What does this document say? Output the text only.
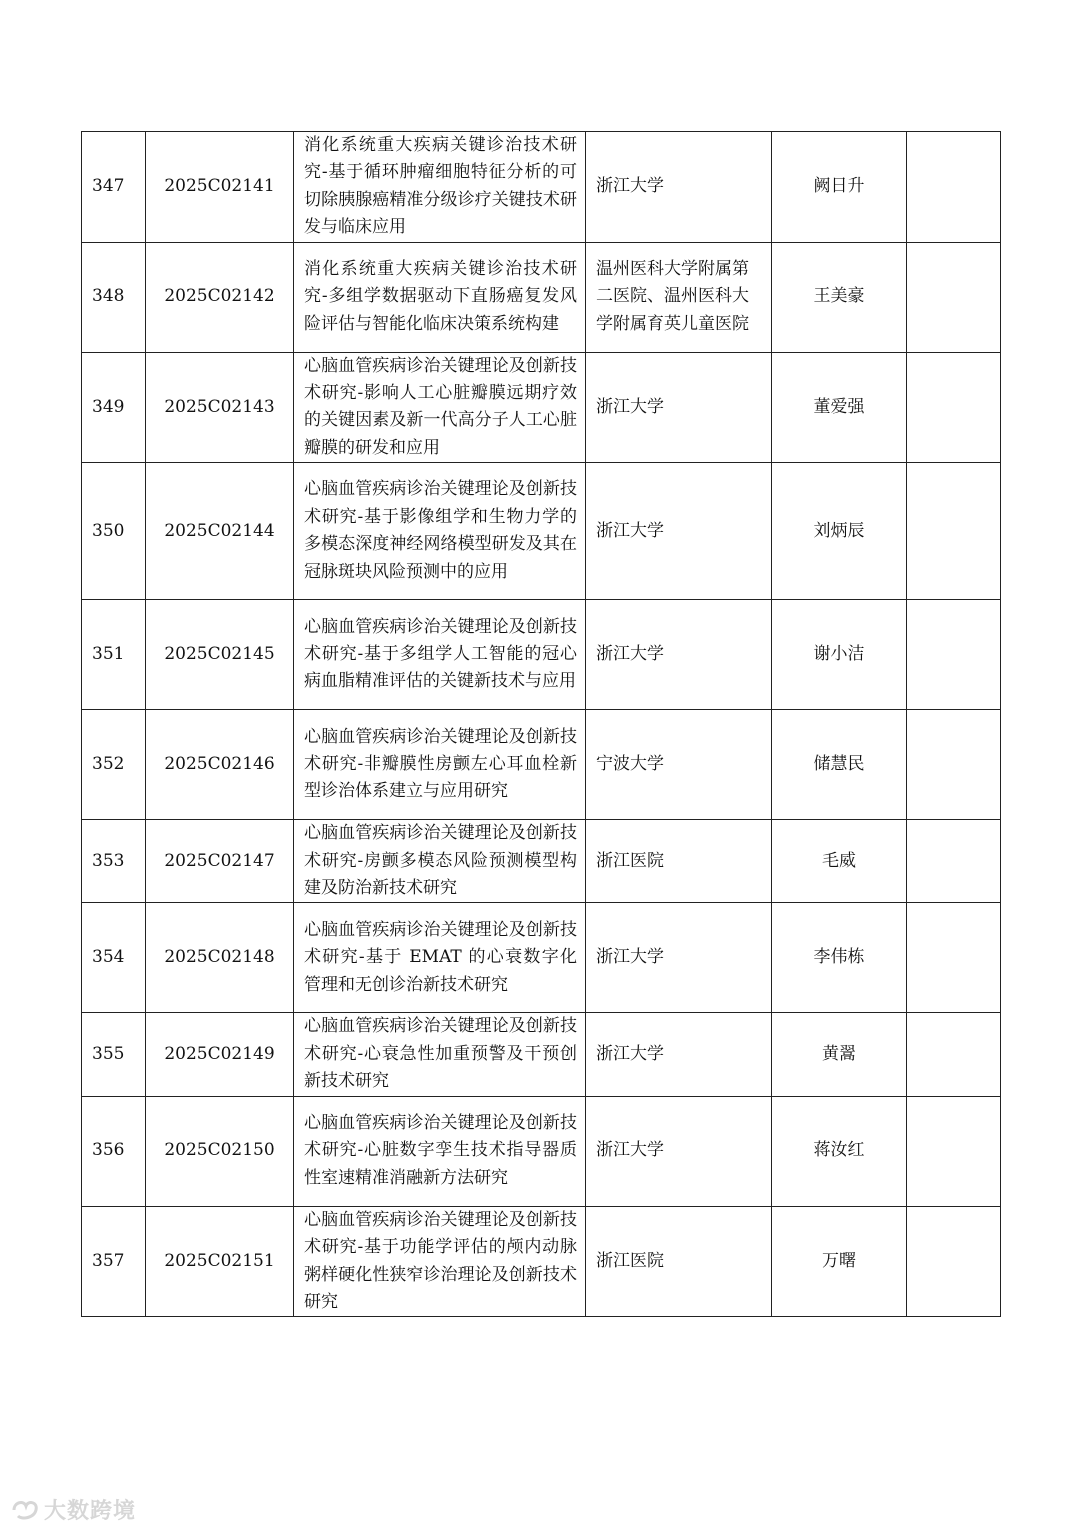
347	2025C02141	消化系统重大疾病关键诊治技术研究-基于循环肿瘤细胞特征分析的可切除胰腺癌精准分级诊疗关键技术研发与临床应用	浙江大学	阙日升	
348	2025C02142	消化系统重大疾病关键诊治技术研究-多组学数据驱动下直肠癌复发风险评估与智能化临床决策系统构建	温州医科大学附属第二医院、温州医科大学附属育英儿童医院	王美豪	
349	2025C02143	心脑血管疾病诊治关键理论及创新技术研究-影响人工心脏瓣膜远期疗效的关键因素及新一代高分子人工心脏瓣膜的研发和应用	浙江大学	董爱强	
350	2025C02144	心脑血管疾病诊治关键理论及创新技术研究-基于影像组学和生物力学的多模态深度神经网络模型研发及其在冠脉斑块风险预测中的应用	浙江大学	刘炳辰	
351	2025C02145	心脑血管疾病诊治关键理论及创新技术研究-基于多组学人工智能的冠心病血脂精准评估的关键新技术与应用	浙江大学	谢小洁	
352	2025C02146	心脑血管疾病诊治关键理论及创新技术研究-非瓣膜性房颤左心耳血栓新型诊治体系建立与应用研究	宁波大学	储慧民	
353	2025C02147	心脑血管疾病诊治关键理论及创新技术研究-房颤多模态风险预测模型构建及防治新技术研究	浙江医院	毛威	
354	2025C02148	心脑血管疾病诊治关键理论及创新技术研究-基于 EMAT 的心衰数字化管理和无创诊治新技术研究	浙江大学	李伟栋	
355	2025C02149	心脑血管疾病诊治关键理论及创新技术研究-心衰急性加重预警及干预创新技术研究	浙江大学	黄翯	
356	2025C02150	心脑血管疾病诊治关键理论及创新技术研究-心脏数字孪生技术指导器质性室速精准消融新方法研究	浙江大学	蒋汝红	
357	2025C02151	心脑血管疾病诊治关键理论及创新技术研究-基于功能学评估的颅内动脉粥样硬化性狭窄诊治理论及创新技术研究	浙江医院	万曙	
大数跨境
